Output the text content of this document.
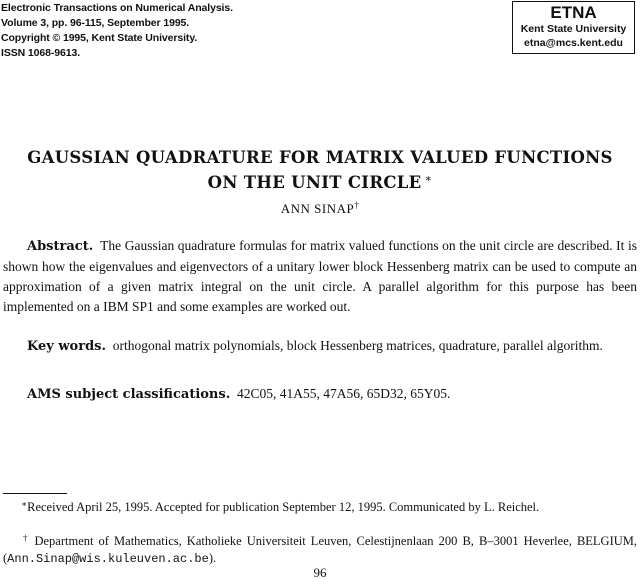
Electronic Transactions on Numerical Analysis.
Volume 3, pp. 96-115, September 1995.
Copyright © 1995, Kent State University.
ISSN 1068-9613.
ETNA
Kent State University
etna@mcs.kent.edu
GAUSSIAN QUADRATURE FOR MATRIX VALUED FUNCTIONS
ON THE UNIT CIRCLE ∗
ANN SINAP†
Abstract. The Gaussian quadrature formulas for matrix valued functions on the unit circle are described. It is shown how the eigenvalues and eigenvectors of a unitary lower block Hessenberg matrix can be used to compute an approximation of a given matrix integral on the unit circle. A parallel algorithm for this purpose has been implemented on a IBM SP1 and some examples are worked out.
Key words. orthogonal matrix polynomials, block Hessenberg matrices, quadrature, parallel algorithm.
AMS subject classifications. 42C05, 41A55, 47A56, 65D32, 65Y05.
∗Received April 25, 1995. Accepted for publication September 12, 1995. Communicated by L. Reichel.
† Department of Mathematics, Katholieke Universiteit Leuven, Celestijnenlaan 200 B, B–3001 Heverlee, BELGIUM, (Ann.Sinap@wis.kuleuven.ac.be).
96
